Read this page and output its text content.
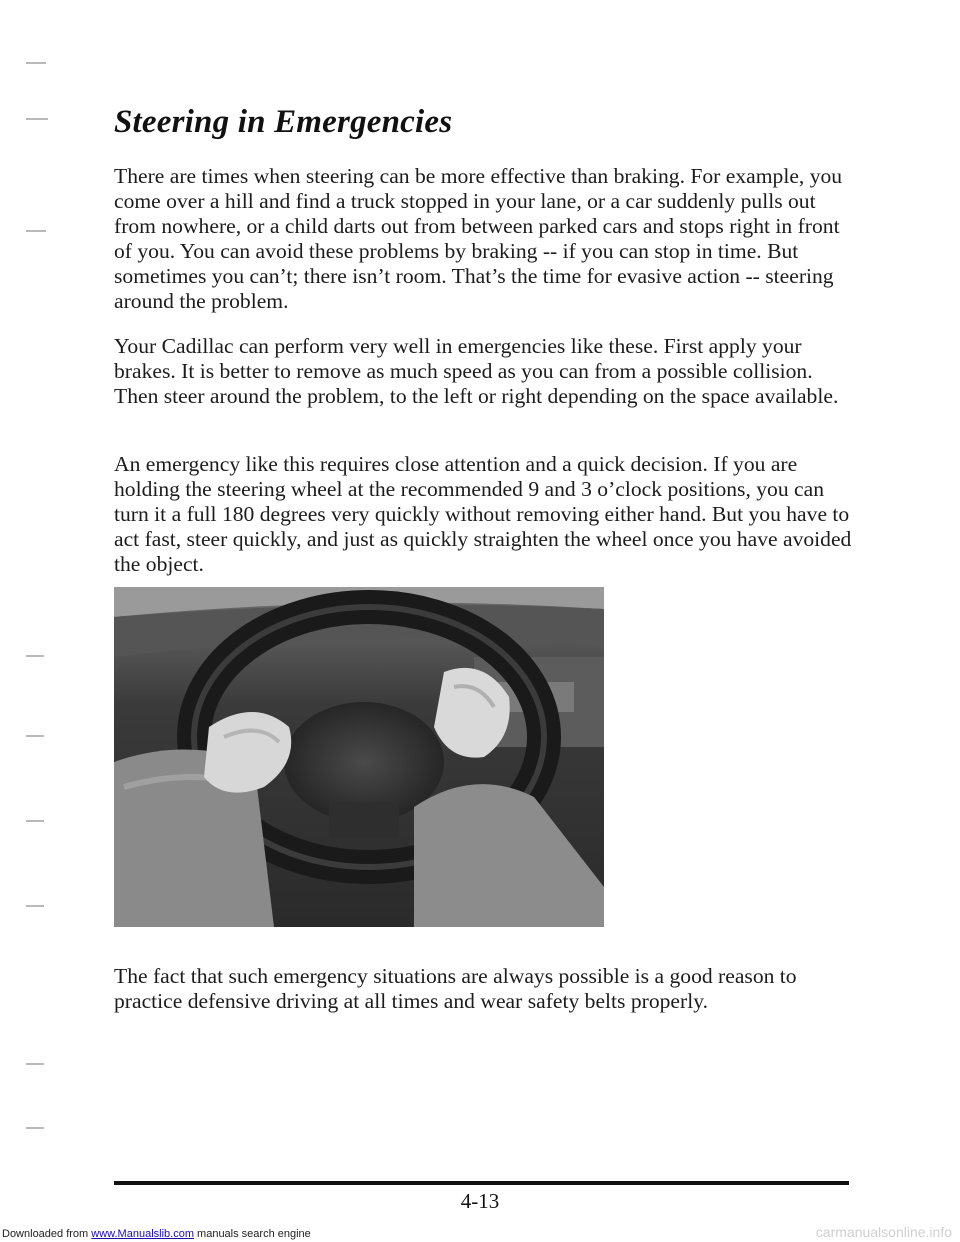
Steering in Emergencies

There are times when steering can be more effective than braking. For example, you come over a hill and find a truck stopped in your lane, or a car suddenly pulls out from nowhere, or a child darts out from between parked cars and stops right in front of you. You can avoid these problems by braking -- if you can stop in time. But sometimes you can’t; there isn’t room. That’s the time for evasive action -- steering around the problem.

Your Cadillac can perform very well in emergencies like these. First apply your brakes. It is better to remove as much speed as you can from a possible collision. Then steer around the problem, to the left or right depending on the space available.

An emergency like this requires close attention and a quick decision. If you are holding the steering wheel at the recommended 9 and 3 o’clock positions, you can turn it a full 180 degrees very quickly without removing either hand. But you have to act fast, steer quickly, and just as quickly straighten the wheel once you have avoided the object.

The fact that such emergency situations are always possible is a good reason to practice defensive driving at all times and wear safety belts properly.

4-13
Downloaded from www.Manualslib.com manuals search engine	carmanualsonline.info
